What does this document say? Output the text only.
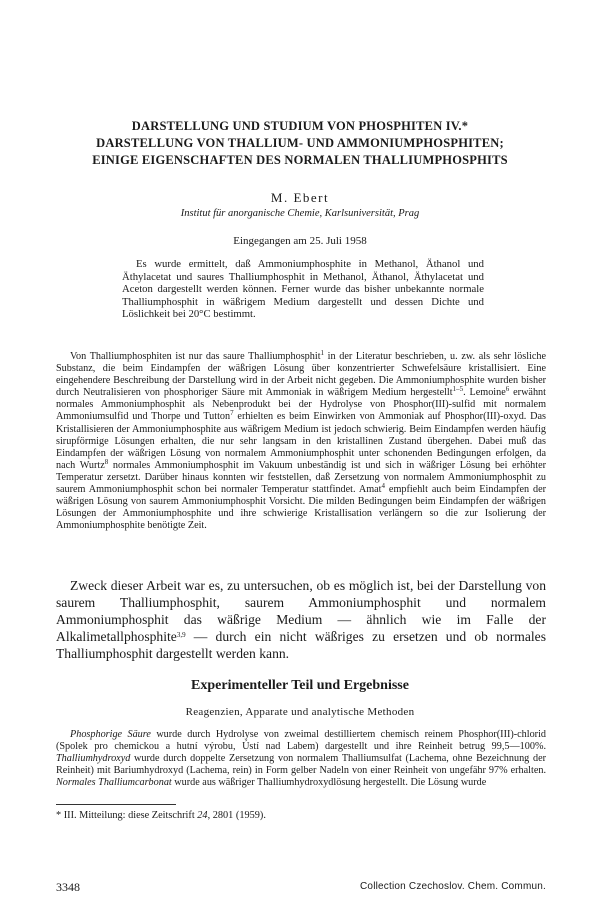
DARSTELLUNG UND STUDIUM VON PHOSPHITEN IV.*
DARSTELLUNG VON THALLIUM- UND AMMONIUMPHOSPHITEN;
EINIGE EIGENSCHAFTEN DES NORMALEN THALLIUMPHOSPHITS
M. Ebert
Institut für anorganische Chemie, Karlsuniversität, Prag
Eingegangen am 25. Juli 1958
Es wurde ermittelt, daß Ammoniumphosphite in Methanol, Äthanol und Äthylacetat und saures Thalliumphosphit in Methanol, Äthanol, Äthylacetat und Aceton dargestellt werden können. Ferner wurde das bisher unbekannte normale Thalliumphosphit in wäßrigem Medium dargestellt und dessen Dichte und Löslichkeit bei 20°C bestimmt.
Von Thalliumphosphiten ist nur das saure Thalliumphosphit$^1$ in der Literatur beschrieben, u. zw. als sehr lösliche Substanz, die beim Eindampfen der wäßrigen Lösung über konzentrierter Schwefelsäure kristallisiert. Eine eingehendere Beschreibung der Darstellung wird in der Arbeit nicht gegeben. Die Ammoniumphosphite wurden bisher durch Neutralisieren von phosphoriger Säure mit Ammoniak in wäßrigem Medium hergestellt$^{1-5}$. Lemoine$^6$ erwähnt normales Ammoniumphosphit als Nebenprodukt bei der Hydrolyse von Phosphor(III)-sulfid mit normalem Ammoniumsulfid und Thorpe und Tutton$^7$ erhielten es beim Einwirken von Ammoniak auf Phosphor(III)-oxyd. Das Kristallisieren der Ammoniumphosphite aus wäßrigem Medium ist jedoch schwierig. Beim Eindampfen werden häufig sirupförmige Lösungen erhalten, die nur sehr langsam in den kristallinen Zustand übergehen. Dabei muß das Eindampfen der wäßrigen Lösung von normalem Ammoniumphosphit unter schonenden Bedingungen erfolgen, da nach Wurtz$^8$ normales Ammoniumphosphit im Vakuum unbeständig ist und sich in wäßriger Lösung bei erhöhter Temperatur zersetzt. Darüber hinaus konnten wir feststellen, daß Zersetzung von normalem Ammoniumphosphit zu saurem Ammoniumphosphit schon bei normaler Temperatur stattfindet. Amat$^4$ empfiehlt auch beim Eindampfen der wäßrigen Lösung von saurem Ammoniumphosphit Vorsicht. Die milden Bedingungen beim Eindampfen der wäßrigen Lösungen der Ammoniumphosphite und ihre schwierige Kristallisation verlängern so die zur Isolierung der Ammoniumphosphite benötigte Zeit.
Zweck dieser Arbeit war es, zu untersuchen, ob es möglich ist, bei der Darstellung von saurem Thalliumphosphit, saurem Ammoniumphosphit und normalem Ammoniumphosphit das wäßrige Medium — ähnlich wie im Falle der Alkalimetallphosphite$^{3,9}$ — durch ein nicht wäßriges zu ersetzen und ob normales Thalliumphosphit dargestellt werden kann.
Experimenteller Teil und Ergebnisse
Reagenzien, Apparate und analytische Methoden
Phosphorige Säure wurde durch Hydrolyse von zweimal destilliertem chemisch reinem Phosphor(III)-chlorid (Spolek pro chemickou a hutní výrobu, Ústí nad Labem) dargestellt und ihre Reinheit betrug 99,5—100%. Thalliumhydroxyd wurde durch doppelte Zersetzung von normalem Thalliumsulfat (Lachema, ohne Bezeichnung der Reinheit) mit Bariumhydroxyd (Lachema, rein) in Form gelber Nadeln von einer Reinheit von ungefähr 97% erhalten. Normales Thalliumcarbonat wurde aus wäßriger Thalliumhydroxydlösung hergestellt. Die Lösung wurde
* III. Mitteilung: diese Zeitschrift 24, 2801 (1959).
3348	Collection Czechoslov. Chem. Commun.
